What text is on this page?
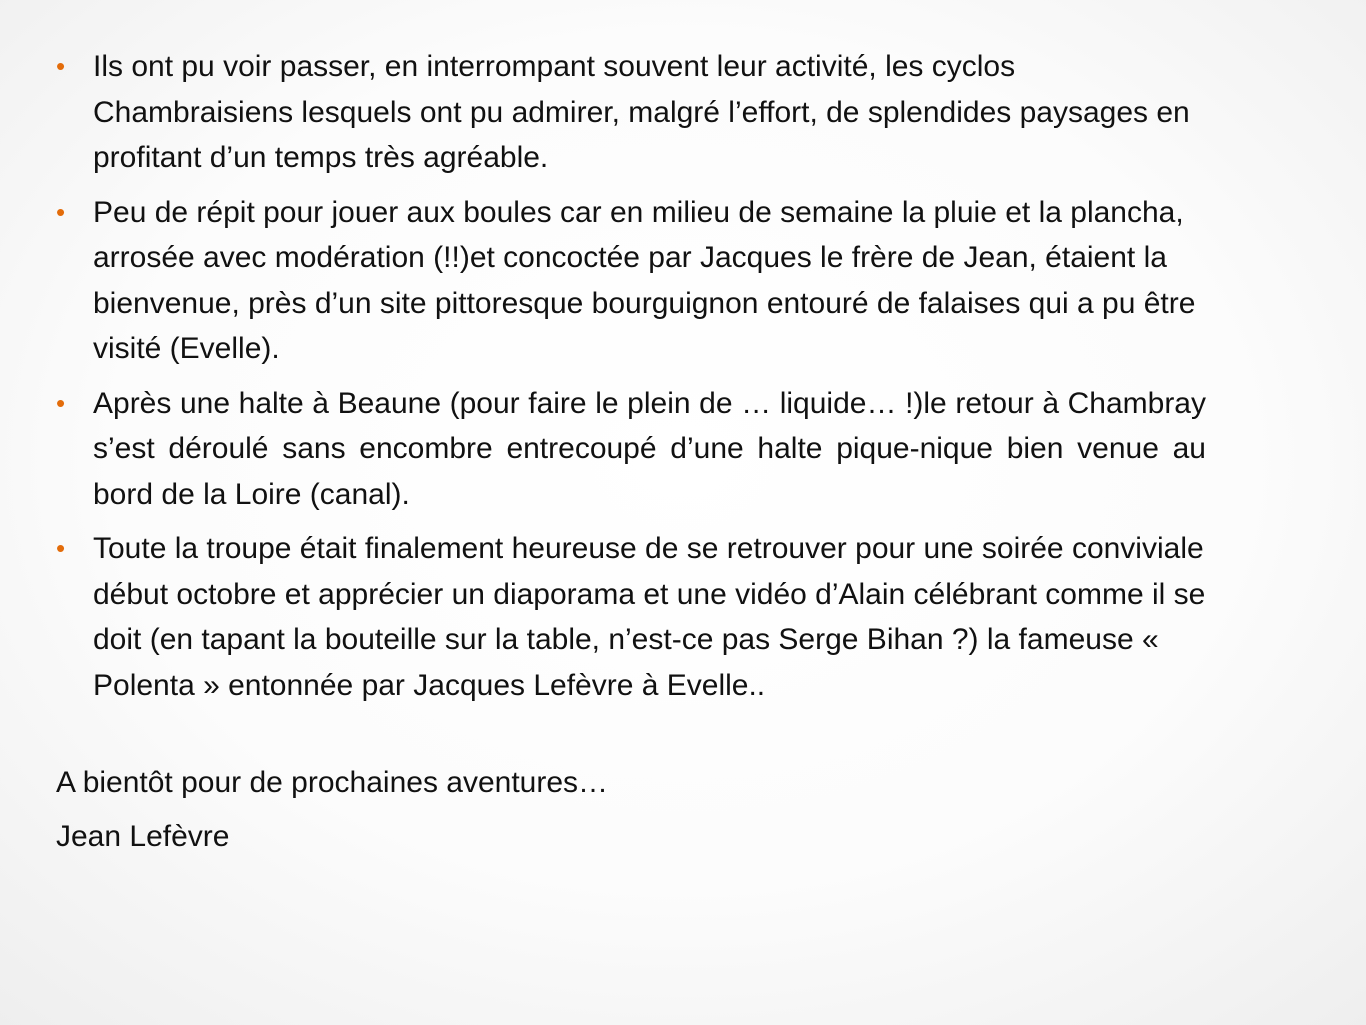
• Ils ont pu voir passer, en interrompant souvent leur activité, les cyclos Chambraisiens lesquels ont pu admirer, malgré l’effort, de splendides paysages en profitant d’un temps très agréable.
• Peu de répit pour jouer aux boules car en milieu de semaine la pluie et la plancha, arrosée avec modération (!!)et concoctée par Jacques le frère de Jean, étaient la bienvenue, près d’un site pittoresque bourguignon entouré de falaises qui a pu être visité (Evelle).
• Après une halte à Beaune (pour faire le plein de … liquide… !)le retour à Chambray s’est déroulé sans encombre entrecoupé d’une halte pique-nique bien venue au bord de la Loire (canal).
• Toute la troupe était finalement heureuse de se retrouver pour une soirée conviviale début octobre et apprécier un diaporama et une vidéo d’Alain célébrant comme il se doit (en tapant la bouteille sur la table, n’est-ce pas Serge Bihan ?) la fameuse « Polenta » entonnée par Jacques Lefèvre à Evelle..
A bientôt pour de prochaines aventures…
Jean Lefèvre
